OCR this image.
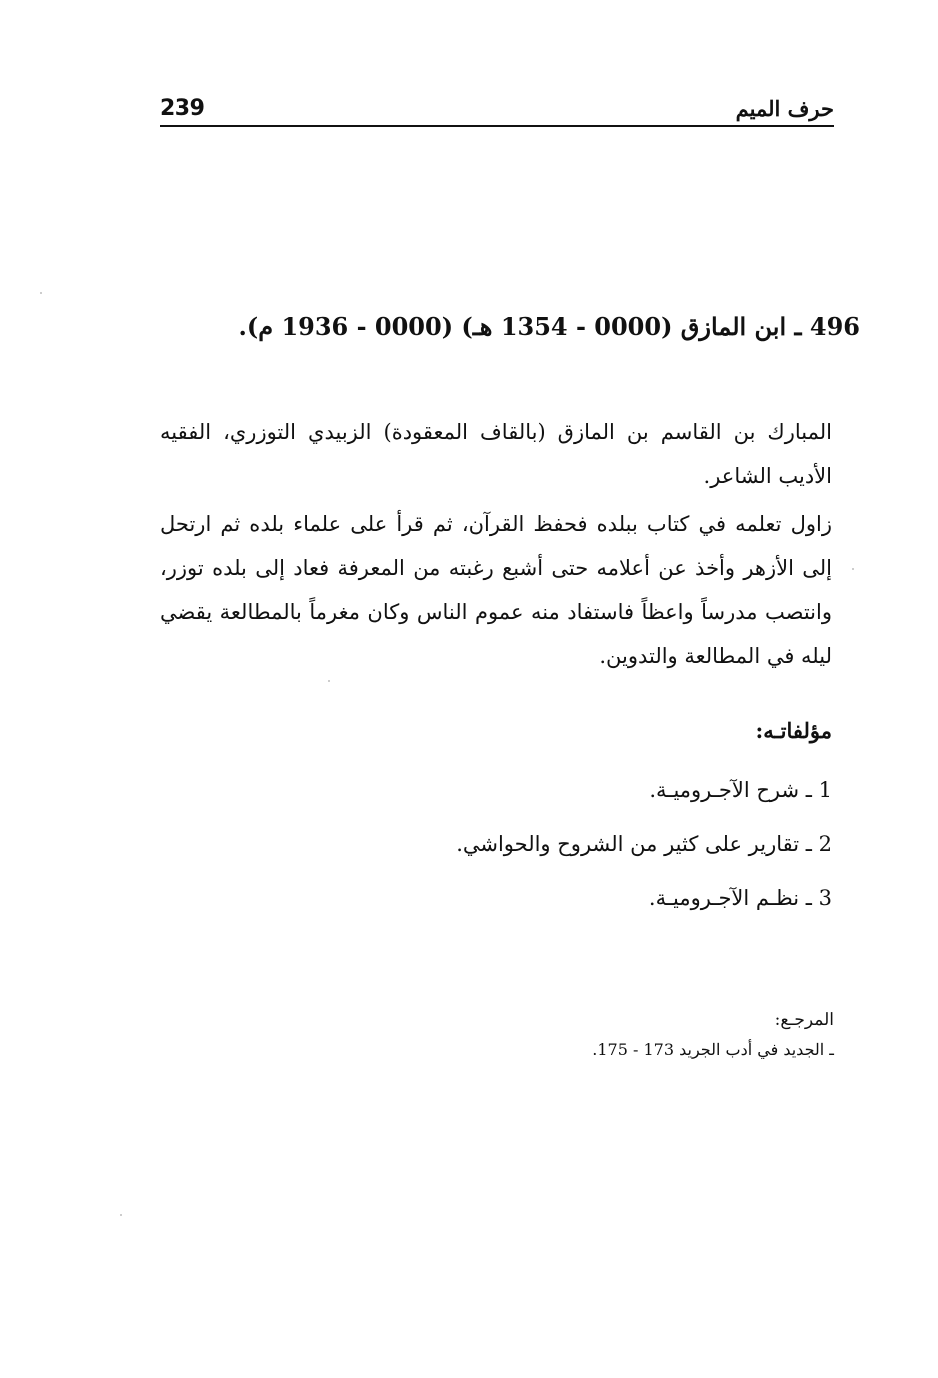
حرف الميم
239
496 ـ ابن المازق (0000 - 1354 هـ) (0000 - 1936 م).
المبارك بن القاسم بن المازق (بالقاف المعقودة) الزبيدي التوزري، الفقيه الأديب الشاعر.
زاول تعلمه في كتاب ببلده فحفظ القرآن، ثم قرأ على علماء بلده ثم ارتحل إلى الأزهر وأخذ عن أعلامه حتى أشبع رغبته من المعرفة فعاد إلى بلده توزر، وانتصب مدرساً واعظاً فاستفاد منه عموم الناس وكان مغرماً بالمطالعة يقضي ليله في المطالعة والتدوين.
مؤلفاتـه:
1 ـ شرح الآجـروميـة.
2 ـ تقارير على كثير من الشروح والحواشي.
3 ـ نظـم الآجـروميـة.
المرجـع:
ـ الجديد في أدب الجريد 173 - 175.
